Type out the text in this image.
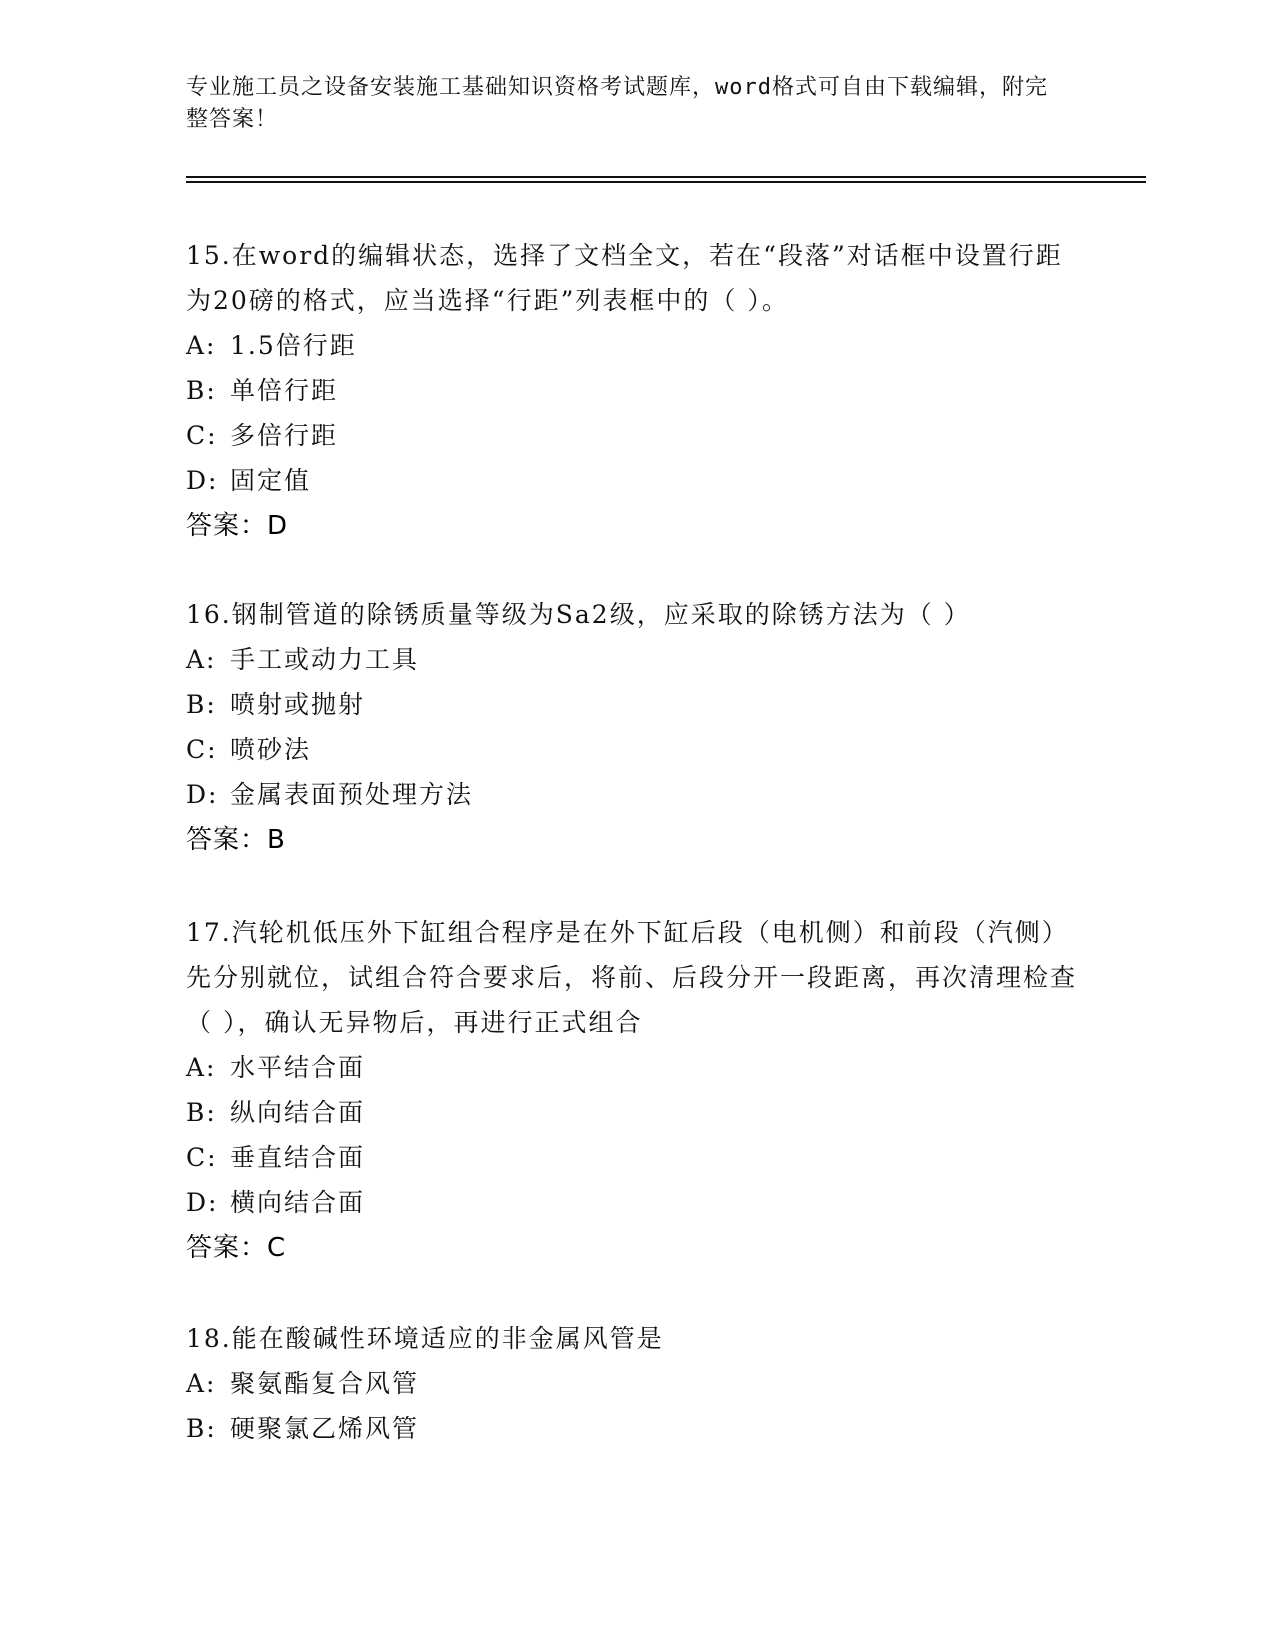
专业施工员之设备安装施工基础知识资格考试题库，word格式可自由下载编辑，附完整答案！

15.在word的编辑状态，选择了文档全文，若在“段落”对话框中设置行距为20磅的格式，应当选择“行距”列表框中的（ ）。

A: 1.5倍行距

B: 单倍行距

C: 多倍行距

D: 固定值

答案：D

16.钢制管道的除锈质量等级为Sa2级，应采取的除锈方法为（ ）

A: 手工或动力工具

B: 喷射或抛射

C: 喷砂法

D: 金属表面预处理方法

答案：B

17.汽轮机低压外下缸组合程序是在外下缸后段（电机侧）和前段（汽侧）先分别就位，试组合符合要求后，将前、后段分开一段距离，再次清理检查（ ），确认无异物后，再进行正式组合

A: 水平结合面

B: 纵向结合面

C: 垂直结合面

D: 横向结合面

答案：C

18.能在酸碱性环境适应的非金属风管是

A: 聚氨酯复合风管

B: 硬聚氯乙烯风管
